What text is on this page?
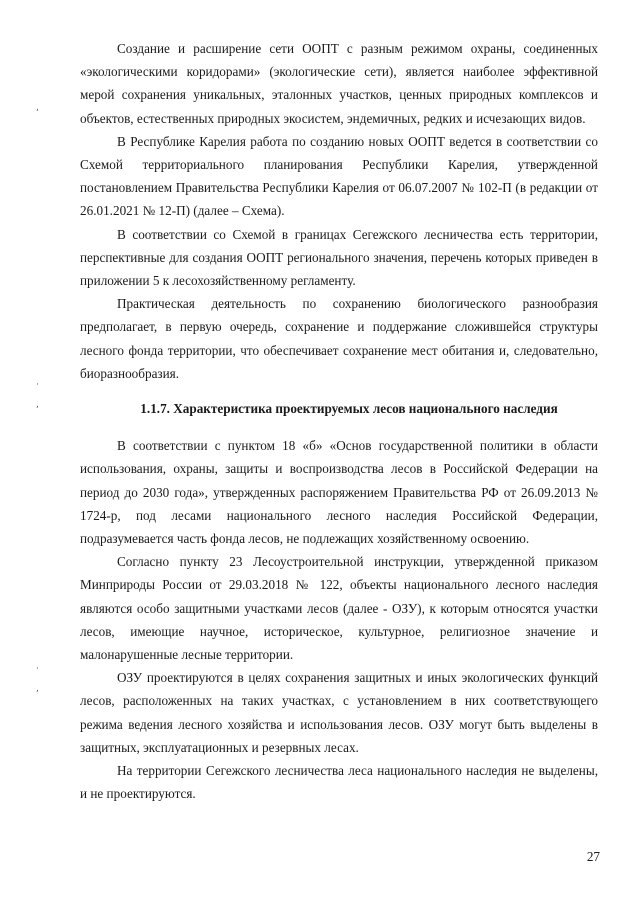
,
·
,
·
,

Создание и расширение сети ООПТ с разным режимом охраны, соединенных «экологическими коридорами» (экологические сети), является наиболее эффективной мерой сохранения уникальных, эталонных участков, ценных природных комплексов и объектов, естественных природных экосистем, эндемичных, редких и исчезающих видов.

В Республике Карелия работа по созданию новых ООПТ ведется в соответствии со Схемой территориального планирования Республики Карелия, утвержденной постановлением Правительства Республики Карелия от 06.07.2007 № 102-П (в редакции от 26.01.2021 № 12-П) (далее – Схема).

В соответствии со Схемой в границах Сегежского лесничества есть территории, перспективные для создания ООПТ регионального значения, перечень которых приведен в приложении 5 к лесохозяйственному регламенту.

Практическая деятельность по сохранению биологического разнообразия предполагает, в первую очередь, сохранение и поддержание сложившейся структуры лесного фонда территории, что обеспечивает сохранение мест обитания и, следовательно, биоразнообразия.

1.1.7. Характеристика проектируемых лесов национального наследия

В соответствии с пунктом 18 «б» «Основ государственной политики в области использования, охраны, защиты и воспроизводства лесов в Российской Федерации на период до 2030 года», утвержденных распоряжением Правительства РФ от 26.09.2013 № 1724-р, под лесами национального лесного наследия Российской Федерации, подразумевается часть фонда лесов, не подлежащих хозяйственному освоению.

Согласно пункту 23 Лесоустроительной инструкции, утвержденной приказом Минприроды России от 29.03.2018 № 122, объекты национального лесного наследия являются особо защитными участками лесов (далее - ОЗУ), к которым относятся участки лесов, имеющие научное, историческое, культурное, религиозное значение и малонарушенные лесные территории.

ОЗУ проектируются в целях сохранения защитных и иных экологических функций лесов, расположенных на таких участках, с установлением в них соответствующего режима ведения лесного хозяйства и использования лесов. ОЗУ могут быть выделены в защитных, эксплуатационных и резервных лесах.

На территории Сегежского лесничества леса национального наследия не выделены, и не проектируются.

27
